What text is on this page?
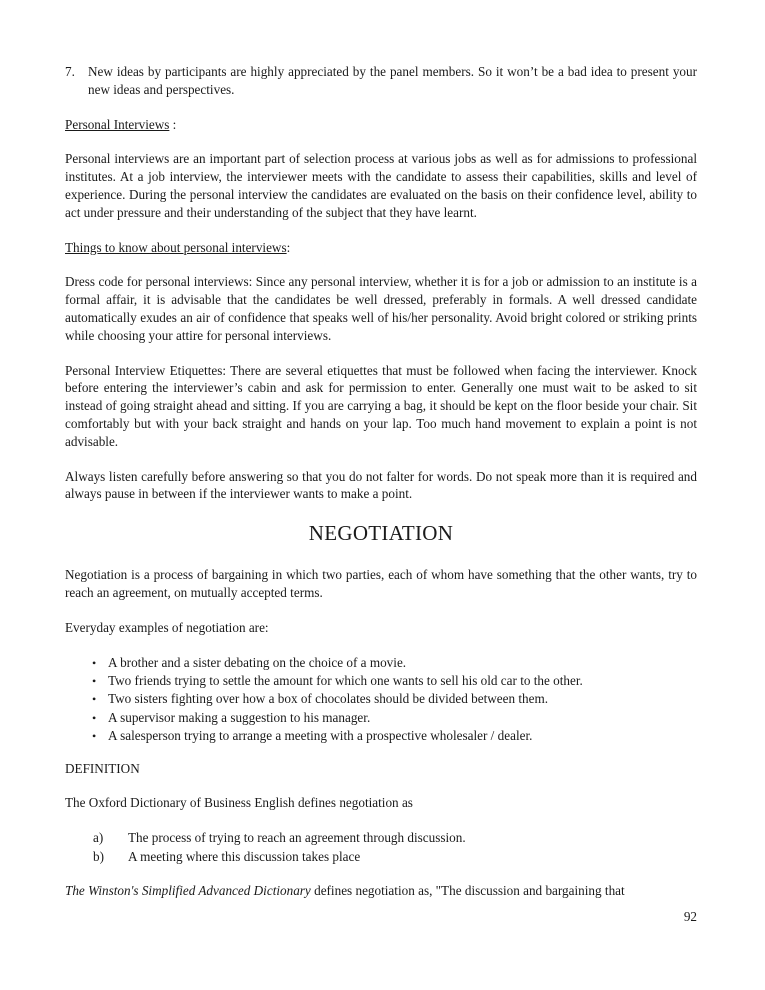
7. New ideas by participants are highly appreciated by the panel members. So it won’t be a bad idea to present your new ideas and perspectives.
Personal Interviews :

Personal interviews are an important part of selection process at various jobs as well as for admissions to professional institutes. At a job interview, the interviewer meets with the candidate to assess their capabilities, skills and level of experience. During the personal interview the candidates are evaluated on the basis on their confidence level, ability to act under pressure and their understanding of the subject that they have learnt.

Things to know about personal interviews:

Dress code for personal interviews: Since any personal interview, whether it is for a job or admission to an institute is a formal affair, it is advisable that the candidates be well dressed, preferably in formals. A well dressed candidate automatically exudes an air of confidence that speaks well of his/her personality. Avoid bright colored or striking prints while choosing your attire for personal interviews.

Personal Interview Etiquettes: There are several etiquettes that must be followed when facing the interviewer. Knock before entering the interviewer’s cabin and ask for permission to enter. Generally one must wait to be asked to sit instead of going straight ahead and sitting. If you are carrying a bag, it should be kept on the floor beside your chair. Sit comfortably but with your back straight and hands on your lap. Too much hand movement to explain a point is not advisable.

Always listen carefully before answering so that you do not falter for words. Do not speak more than it is required and always pause in between if the interviewer wants to make a point.

NEGOTIATION

Negotiation is a process of bargaining in which two parties, each of whom have something that the other wants, try to reach an agreement, on mutually accepted terms.

Everyday examples of negotiation are:

• A brother and a sister debating on the choice of a movie.
• Two friends trying to settle the amount for which one wants to sell his old car to the other.
• Two sisters fighting over how a box of chocolates should be divided between them.
• A supervisor making a suggestion to his manager.
• A salesperson trying to arrange a meeting with a prospective wholesaler / dealer.
DEFINITION

The Oxford Dictionary of Business English defines negotiation as

a) The process of trying to reach an agreement through discussion.
b) A meeting where this discussion takes place

The Winston's Simplified Advanced Dictionary defines negotiation as, "The discussion and bargaining that

92
